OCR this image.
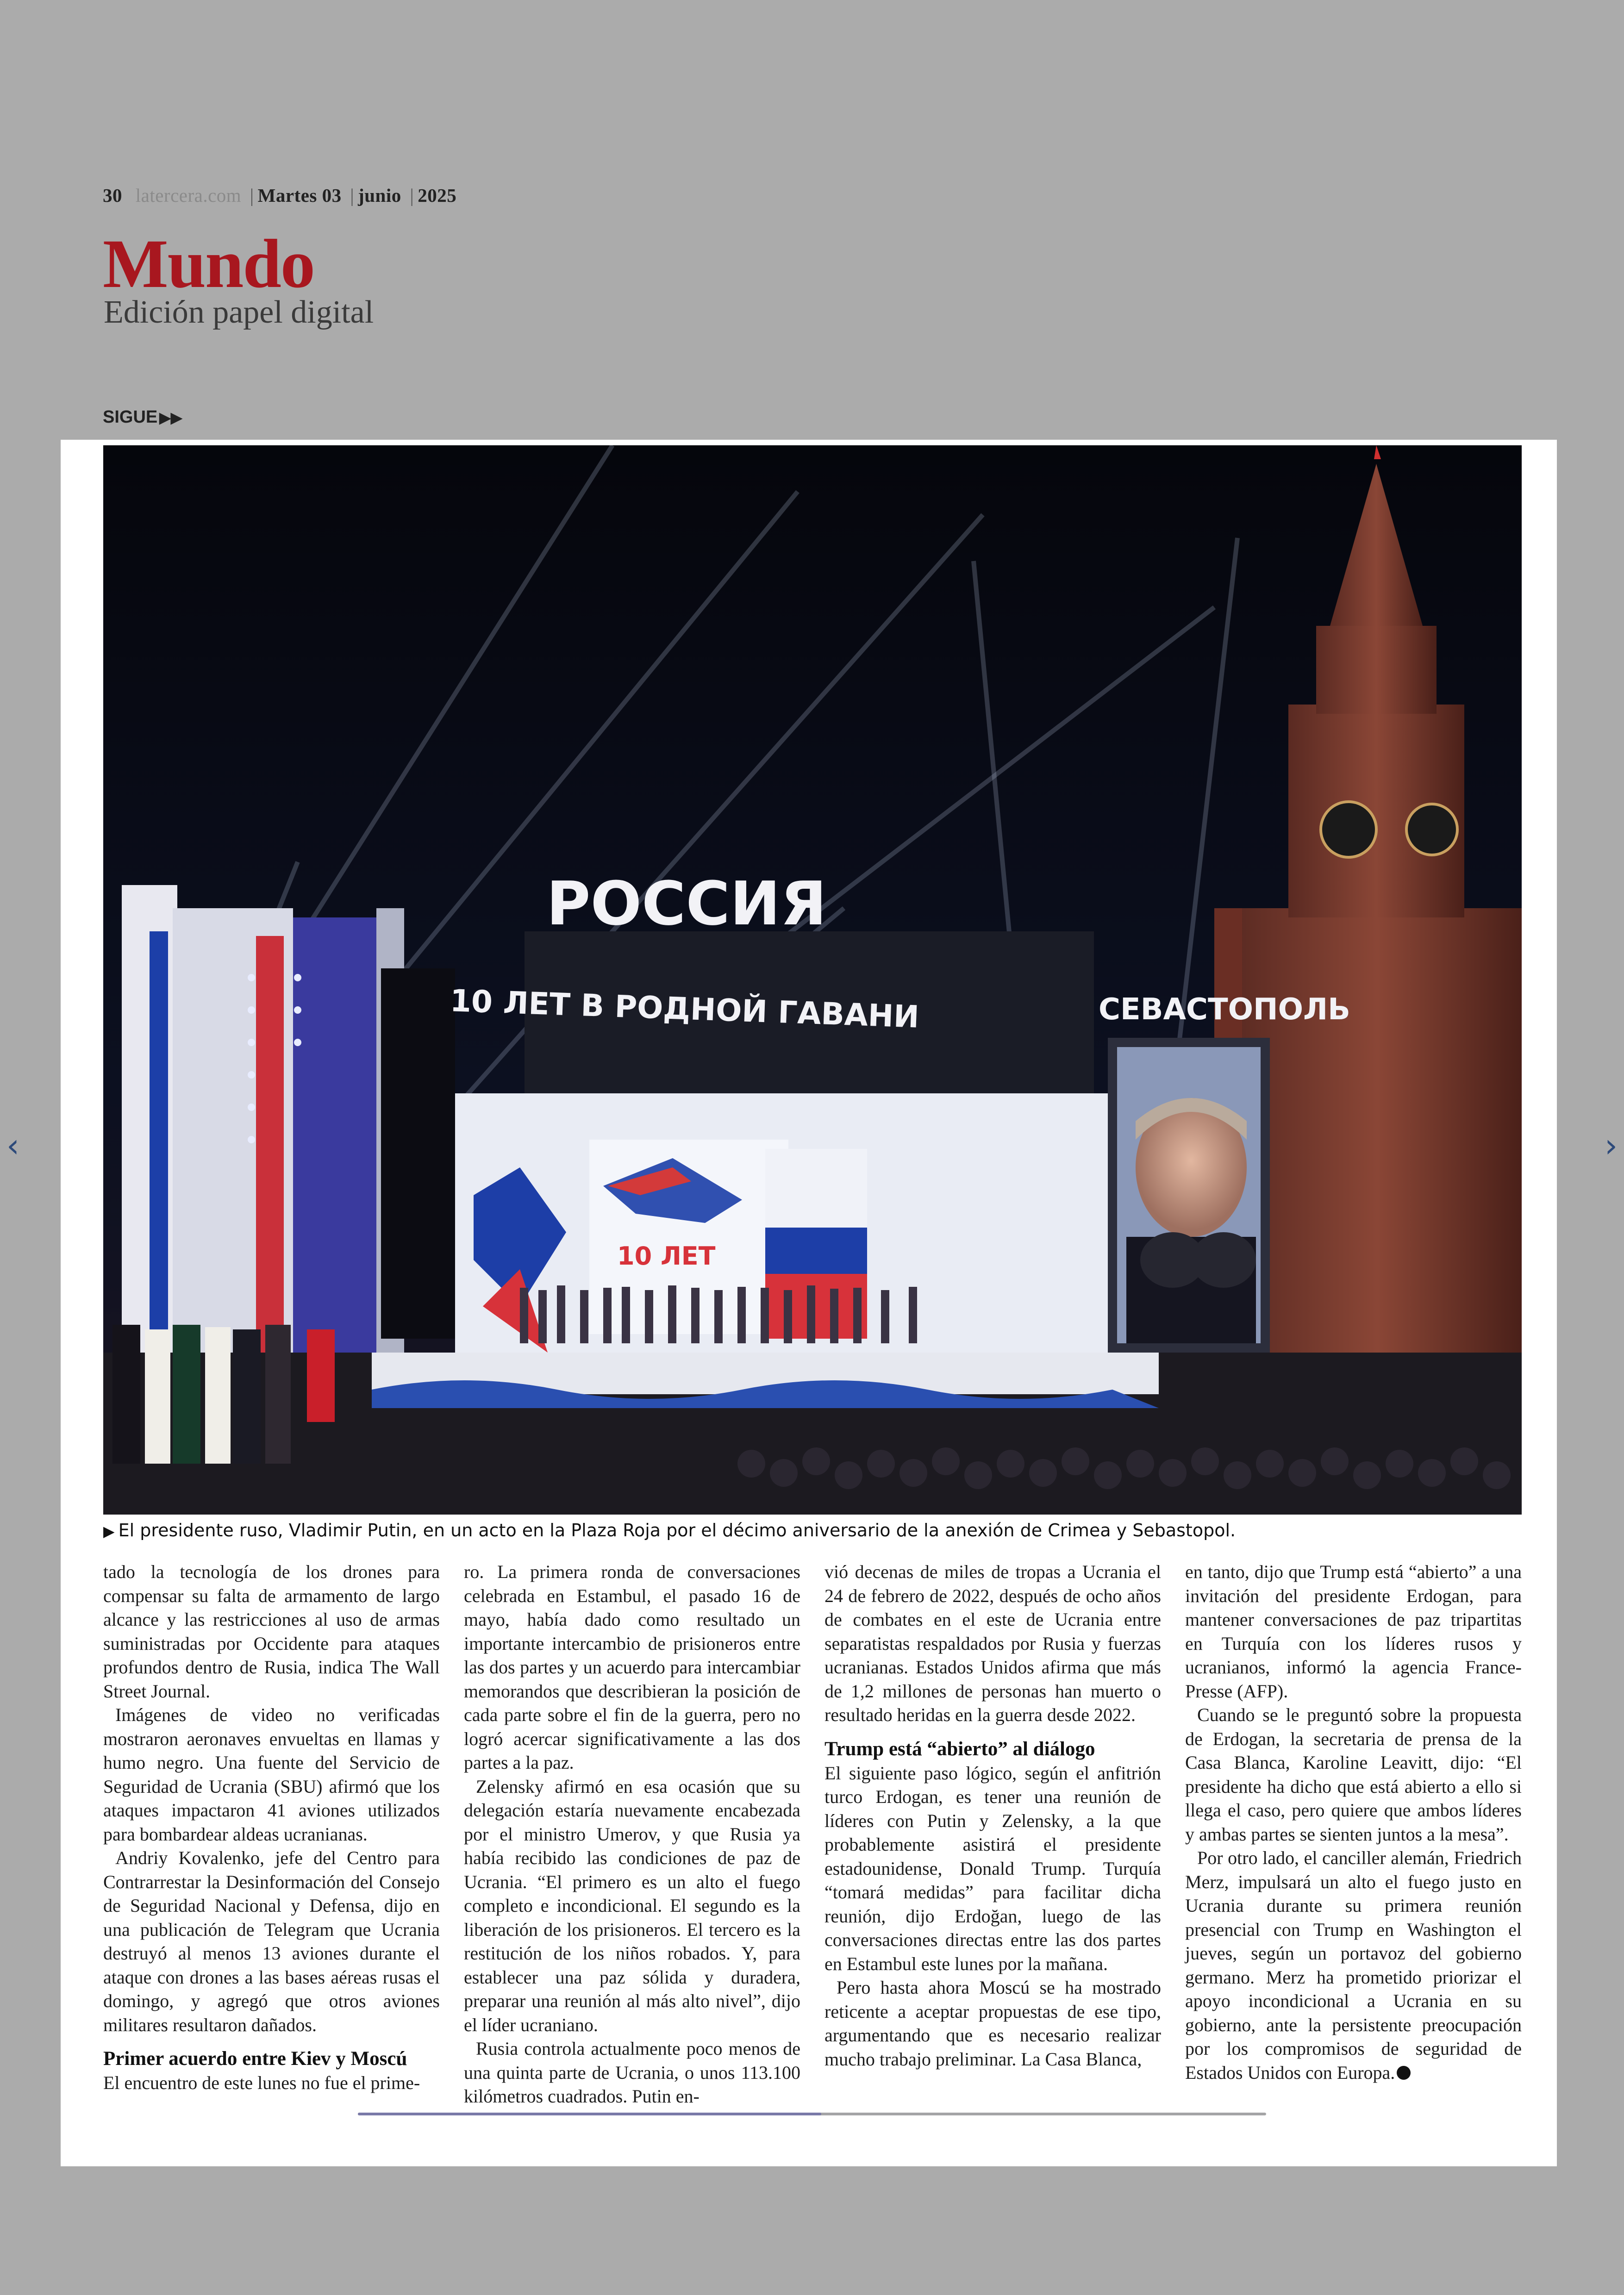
30 latercera.com | Martes 03 | junio | 2025
Mundo
Edición papel digital
SIGUE ▶▶
РОССИЯ
10 ЛЕТ В РОДНОЙ ГАВАНИ	СЕВАСТОПОЛЬ
10 ЛЕТ
▶ El presidente ruso, Vladimir Putin, en un acto en la Plaza Roja por el décimo aniversario de la anexión de Crimea y Sebastopol.

tado la tecnología de los drones para compensar su falta de armamento de largo alcance y las restricciones al uso de armas suministradas por Occidente para ataques profundos dentro de Rusia, indica The Wall Street Journal.

Imágenes de video no verificadas mostraron aeronaves envueltas en llamas y humo negro. Una fuente del Servicio de Seguridad de Ucrania (SBU) afirmó que los ataques impactaron 41 aviones utilizados para bombardear aldeas ucranianas.

Andriy Kovalenko, jefe del Centro para Contrarrestar la Desinformación del Consejo de Seguridad Nacional y Defensa, dijo en una publicación de Telegram que Ucrania destruyó al menos 13 aviones durante el ataque con drones a las bases aéreas rusas el domingo, y agregó que otros aviones militares resultaron dañados.

Primer acuerdo entre Kiev y Moscú

El encuentro de este lunes no fue el prime-

ro. La primera ronda de conversaciones celebrada en Estambul, el pasado 16 de mayo, había dado como resultado un importante intercambio de prisioneros entre las dos partes y un acuerdo para intercambiar memorandos que describieran la posición de cada parte sobre el fin de la guerra, pero no logró acercar significativamente a las dos partes a la paz.

Zelensky afirmó en esa ocasión que su delegación estaría nuevamente encabezada por el ministro Umerov, y que Rusia ya había recibido las condiciones de paz de Ucrania. “El primero es un alto el fuego completo e incondicional. El segundo es la liberación de los prisioneros. El tercero es la restitución de los niños robados. Y, para establecer una paz sólida y duradera, preparar una reunión al más alto nivel”, dijo el líder ucraniano.

Rusia controla actualmente poco menos de una quinta parte de Ucrania, o unos 113.100 kilómetros cuadrados. Putin en-

vió decenas de miles de tropas a Ucrania el 24 de febrero de 2022, después de ocho años de combates en el este de Ucrania entre separatistas respaldados por Rusia y fuerzas ucranianas. Estados Unidos afirma que más de 1,2 millones de personas han muerto o resultado heridas en la guerra desde 2022.

Trump está “abierto” al diálogo

El siguiente paso lógico, según el anfitrión turco Erdogan, es tener una reunión de líderes con Putin y Zelensky, a la que probablemente asistirá el presidente estadounidense, Donald Trump. Turquía “tomará medidas” para facilitar dicha reunión, dijo Erdoğan, luego de las conversaciones directas entre las dos partes en Estambul este lunes por la mañana.

Pero hasta ahora Moscú se ha mostrado reticente a aceptar propuestas de ese tipo, argumentando que es necesario realizar mucho trabajo preliminar. La Casa Blanca,

en tanto, dijo que Trump está “abierto” a una invitación del presidente Erdogan, para mantener conversaciones de paz tripartitas en Turquía con los líderes rusos y ucranianos, informó la agencia France-Presse (AFP).

Cuando se le preguntó sobre la propuesta de Erdogan, la secretaria de prensa de la Casa Blanca, Karoline Leavitt, dijo: “El presidente ha dicho que está abierto a ello si llega el caso, pero quiere que ambos líderes y ambas partes se sienten juntos a la mesa”.

Por otro lado, el canciller alemán, Friedrich Merz, impulsará un alto el fuego justo en Ucrania durante su primera reunión presencial con Trump en Washington el jueves, según un portavoz del gobierno germano. Merz ha prometido priorizar el apoyo incondicional a Ucrania en su gobierno, ante la persistente preocupación por los compromisos de seguridad de Estados Unidos con Europa.

‹	›
